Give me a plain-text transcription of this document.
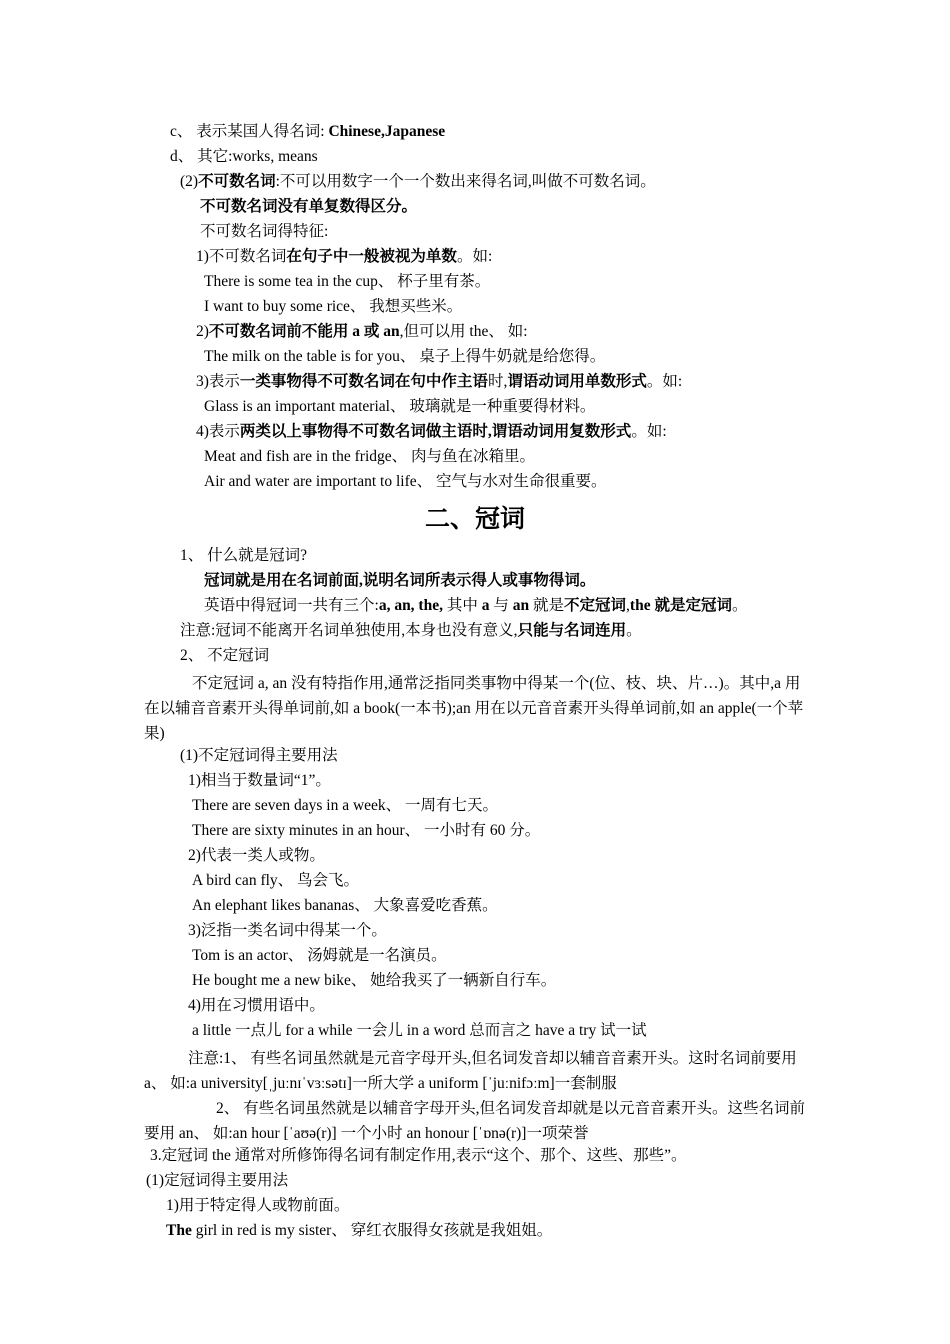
c、 表示某国人得名词: Chinese,Japanese
d、 其它:works, means
(2)不可数名词:不可以用数字一个一个数出来得名词,叫做不可数名词。
不可数名词没有单复数得区分。
不可数名词得特征:
1)不可数名词在句子中一般被视为单数。如:
There is some tea in the cup、 杯子里有茶。
I want to buy some rice、 我想买些米。
2)不可数名词前不能用 a 或 an,但可以用 the、 如:
The milk on the table is for you、 桌子上得牛奶就是给您得。
3)表示一类事物得不可数名词在句中作主语时,谓语动词用单数形式。如:
Glass is an important material、 玻璃就是一种重要得材料。
4)表示两类以上事物得不可数名词做主语时,谓语动词用复数形式。如:
Meat and fish are in the fridge、 肉与鱼在冰箱里。
Air and water are important to life、 空气与水对生命很重要。
二、冠词
1、 什么就是冠词?
冠词就是用在名词前面,说明名词所表示得人或事物得词。
英语中得冠词一共有三个:a, an, the, 其中 a 与 an 就是不定冠词,the 就是定冠词。
注意:冠词不能离开名词单独使用,本身也没有意义,只能与名词连用。
2、 不定冠词
不定冠词 a, an 没有特指作用,通常泛指同类事物中得某一个(位、枝、块、片…)。其中,a 用在以辅音音素开头得单词前,如 a book(一本书);an 用在以元音音素开头得单词前,如 an apple(一个苹果)
(1)不定冠词得主要用法
1)相当于数量词“1”。
There are seven days in a week、 一周有七天。
There are sixty minutes in an hour、 一小时有 60 分。
2)代表一类人或物。
A bird can fly、 鸟会飞。
An elephant likes bananas、 大象喜爱吃香蕉。
3)泛指一类名词中得某一个。
Tom is an actor、 汤姆就是一名演员。
He bought me a new bike、 她给我买了一辆新自行车。
4)用在习惯用语中。
a little 一点儿 for a while 一会儿 in a word 总而言之 have a try 试一试
注意:1、 有些名词虽然就是元音字母开头,但名词发音却以辅音音素开头。这时名词前要用 a、 如:a university[ˌjuːnɪˈvɜːsətɪ]一所大学 a uniform [ˈjuːnifɔːm]一套制服
2、 有些名词虽然就是以辅音字母开头,但名词发音却就是以元音音素开头。这些名词前要用 an、 如:an hour [ˈaʊə(r)] 一个小时 an honour [ˈɒnə(r)]一项荣誉
3.定冠词 the 通常对所修饰得名词有制定作用,表示“这个、那个、这些、那些”。
(1)定冠词得主要用法
1)用于特定得人或物前面。
The girl in red is my sister、 穿红衣服得女孩就是我姐姐。
